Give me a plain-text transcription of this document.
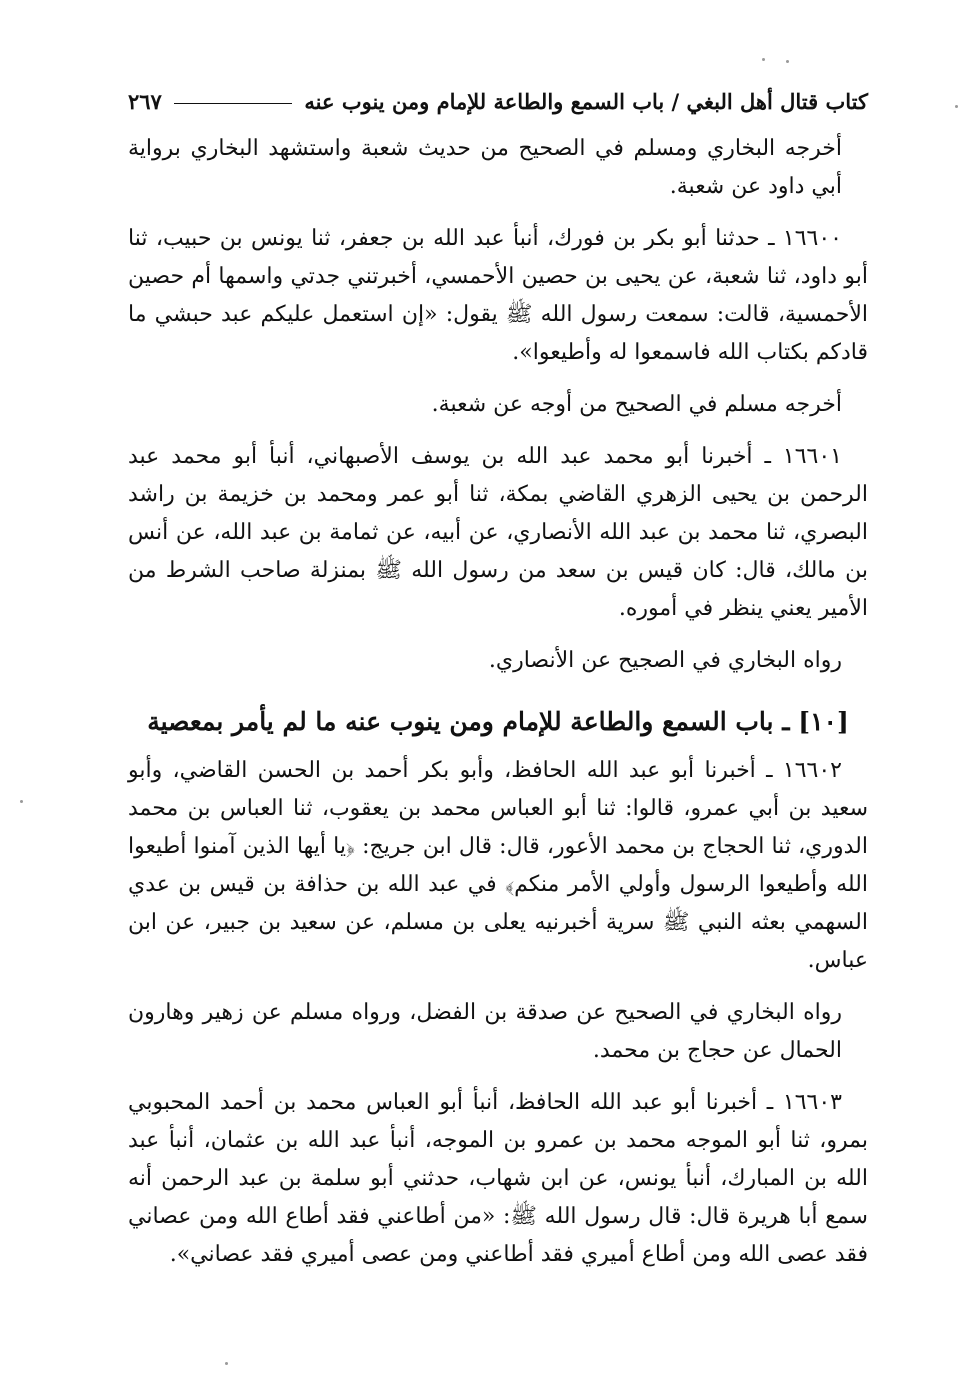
كتاب قتال أهل البغي / باب السمع والطاعة للإمام ومن ينوب عنه
٢٦٧

أخرجه البخاري ومسلم في الصحيح من حديث شعبة واستشهد البخاري برواية أبي داود عن شعبة.

١٦٦٠٠ ـ حدثنا أبو بكر بن فورك، أنبأ عبد الله بن جعفر، ثنا يونس بن حبيب، ثنا أبو داود، ثنا شعبة، عن يحيى بن حصين الأحمسي، أخبرتني جدتي واسمها أم حصين الأحمسية، قالت: سمعت رسول الله ﷺ يقول: «إن استعمل عليكم عبد حبشي ما قادكم بكتاب الله فاسمعوا له وأطيعوا».

أخرجه مسلم في الصحيح من أوجه عن شعبة.

١٦٦٠١ ـ أخبرنا أبو محمد عبد الله بن يوسف الأصبهاني، أنبأ أبو محمد عبد الرحمن بن يحيى الزهري القاضي بمكة، ثنا أبو عمر ومحمد بن خزيمة بن راشد البصري، ثنا محمد بن عبد الله الأنصاري، عن أبيه، عن ثمامة بن عبد الله، عن أنس بن مالك، قال: كان قيس بن سعد من رسول الله ﷺ بمنزلة صاحب الشرط من الأمير يعني ينظر في أموره.

رواه البخاري في الصجيح عن الأنصاري.

[١٠] ـ باب السمع والطاعة للإمام ومن ينوب عنه ما لم يأمر بمعصية

١٦٦٠٢ ـ أخبرنا أبو عبد الله الحافظ، وأبو بكر أحمد بن الحسن القاضي، وأبو سعيد بن أبي عمرو، قالوا: ثنا أبو العباس محمد بن يعقوب، ثنا العباس بن محمد الدوري، ثنا الحجاج بن محمد الأعور، قال: قال ابن جريج: ﴿يا أيها الذين آمنوا أطيعوا الله وأطيعوا الرسول وأولي الأمر منكم﴾ في عبد الله بن حذافة بن قيس بن عدي السهمي بعثه النبي ﷺ سرية أخبرنيه يعلى بن مسلم، عن سعيد بن جبير، عن ابن عباس.

رواه البخاري في الصحيح عن صدقة بن الفضل، ورواه مسلم عن زهير وهارون الحمال عن حجاج بن محمد.

١٦٦٠٣ ـ أخبرنا أبو عبد الله الحافظ، أنبأ أبو العباس محمد بن أحمد المحبوبي بمرو، ثنا أبو الموجه محمد بن عمرو بن الموجه، أنبأ عبد الله بن عثمان، أنبأ عبد الله بن المبارك، أنبأ يونس، عن ابن شهاب، حدثني أبو سلمة بن عبد الرحمن أنه سمع أبا هريرة قال: قال رسول الله ﷺ: «من أطاعني فقد أطاع الله ومن عصاني فقد عصى الله ومن أطاع أميري فقد أطاعني ومن عصى أميري فقد عصاني».
